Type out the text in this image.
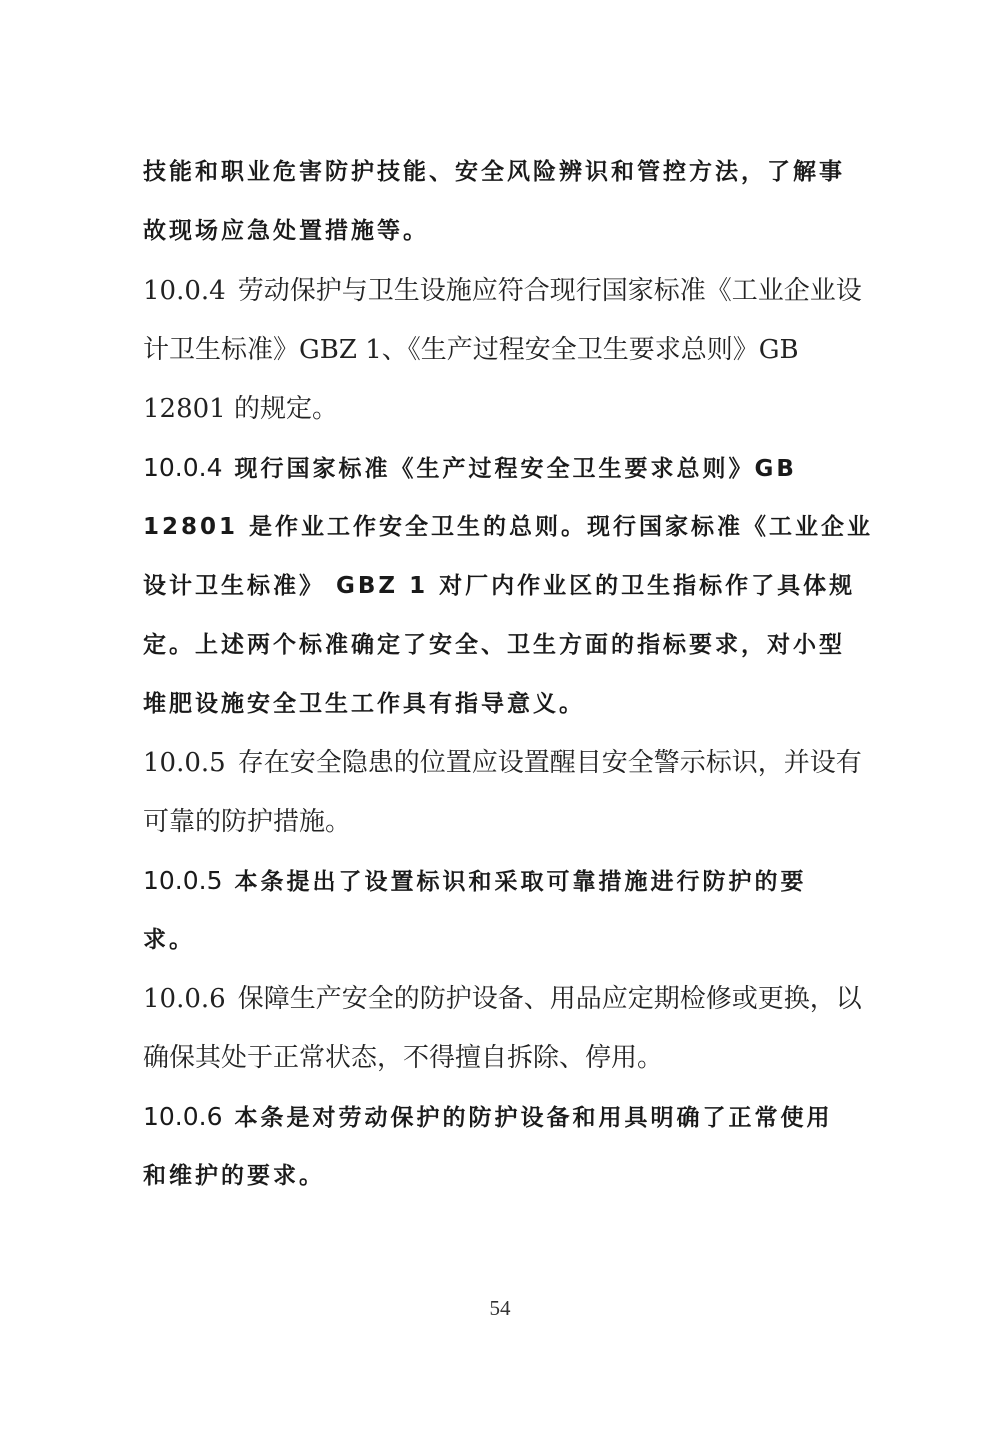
技能和职业危害防护技能、安全风险辨识和管控方法，了解事
故现场应急处置措施等。
10.0.4 劳动保护与卫生设施应符合现行国家标准《工业企业设
计卫生标准》GBZ 1、《生产过程安全卫生要求总则》GB
12801 的规定。
10.0.4 现行国家标准《生产过程安全卫生要求总则》GB
12801 是作业工作安全卫生的总则。现行国家标准《工业企业
设计卫生标准》 GBZ 1 对厂内作业区的卫生指标作了具体规
定。上述两个标准确定了安全、卫生方面的指标要求，对小型
堆肥设施安全卫生工作具有指导意义。
10.0.5 存在安全隐患的位置应设置醒目安全警示标识，并设有
可靠的防护措施。
10.0.5 本条提出了设置标识和采取可靠措施进行防护的要
求。
10.0.6 保障生产安全的防护设备、用品应定期检修或更换，以
确保其处于正常状态，不得擅自拆除、停用。
10.0.6 本条是对劳动保护的防护设备和用具明确了正常使用
和维护的要求。
54
